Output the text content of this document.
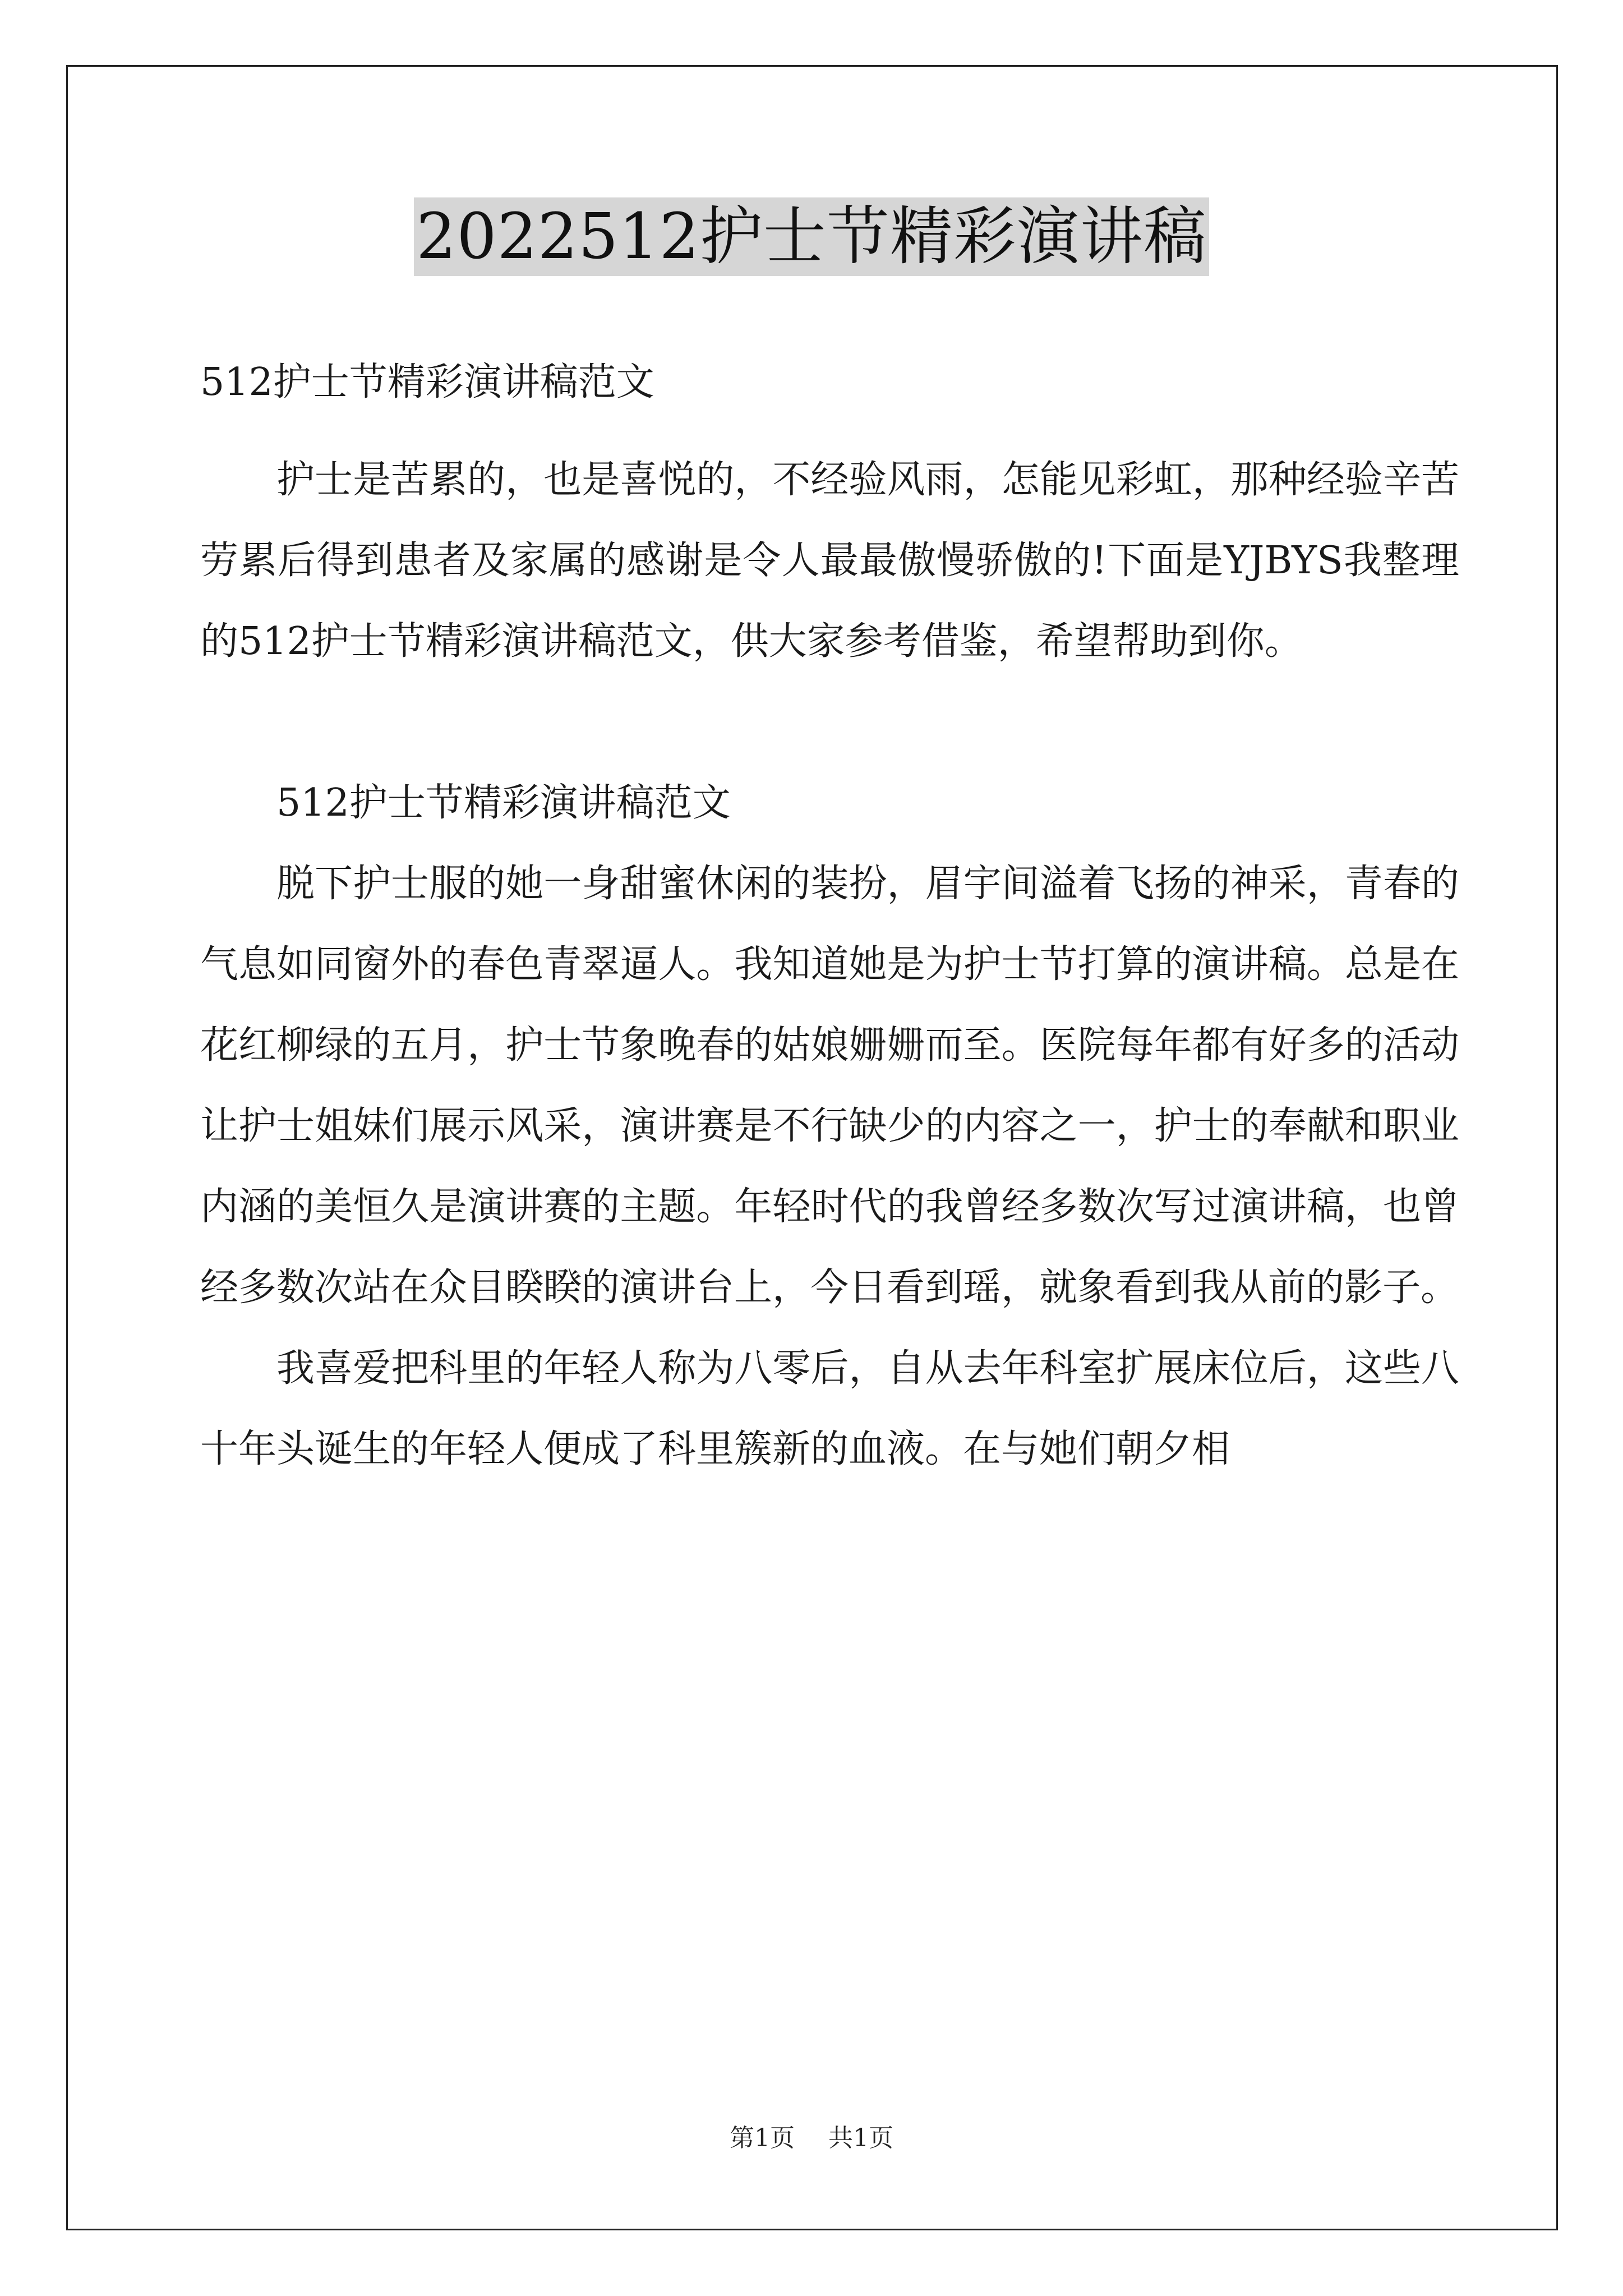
2022512护士节精彩演讲稿

512护士节精彩演讲稿范文

护士是苦累的，也是喜悦的，不经验风雨，怎能见彩虹，那种经验辛苦劳累后得到患者及家属的感谢是令人最最傲慢骄傲的!下面是YJBYS我整理的512护士节精彩演讲稿范文，供大家参考借鉴，希望帮助到你。

512护士节精彩演讲稿范文

脱下护士服的她一身甜蜜休闲的装扮，眉宇间溢着飞扬的神采，青春的气息如同窗外的春色青翠逼人。我知道她是为护士节打算的演讲稿。总是在花红柳绿的五月，护士节象晚春的姑娘姗姗而至。医院每年都有好多的活动让护士姐妹们展示风采，演讲赛是不行缺少的内容之一，护士的奉献和职业内涵的美恒久是演讲赛的主题。年轻时代的我曾经多数次写过演讲稿，也曾经多数次站在众目睽睽的演讲台上，今日看到瑶，就象看到我从前的影子。

我喜爱把科里的年轻人称为八零后，自从去年科室扩展床位后，这些八十年头诞生的年轻人便成了科里簇新的血液。在与她们朝夕相

第1页 共1页
